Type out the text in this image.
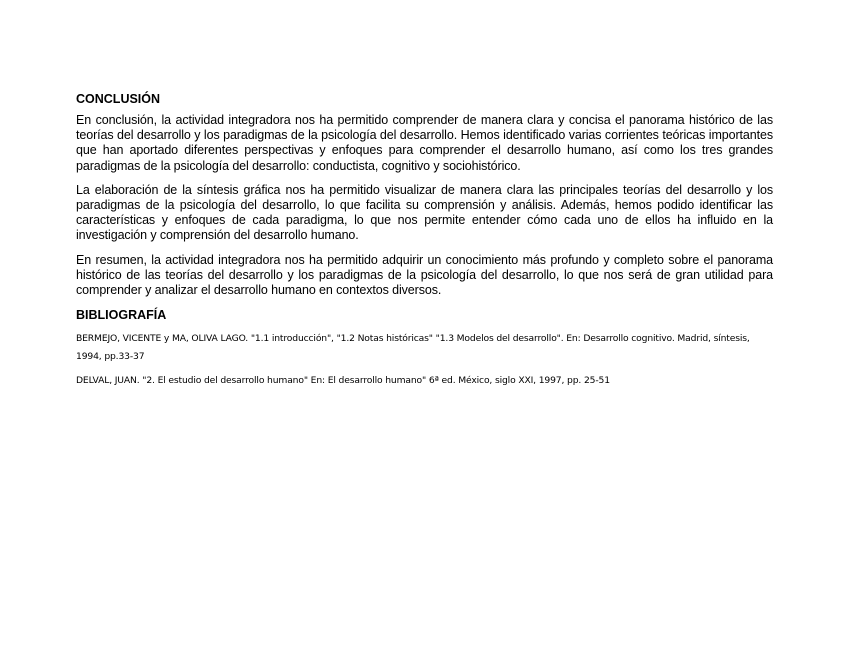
CONCLUSIÓN

En conclusión, la actividad integradora nos ha permitido comprender de manera clara y concisa el panorama histórico de las teorías del desarrollo y los paradigmas de la psicología del desarrollo. Hemos identificado varias corrientes teóricas importantes que han aportado diferentes perspectivas y enfoques para comprender el desarrollo humano, así como los tres grandes paradigmas de la psicología del desarrollo: conductista, cognitivo y sociohistórico.

La elaboración de la síntesis gráfica nos ha permitido visualizar de manera clara las principales teorías del desarrollo y los paradigmas de la psicología del desarrollo, lo que facilita su comprensión y análisis. Además, hemos podido identificar las características y enfoques de cada paradigma, lo que nos permite entender cómo cada uno de ellos ha influido en la investigación y comprensión del desarrollo humano.

En resumen, la actividad integradora nos ha permitido adquirir un conocimiento más profundo y completo sobre el panorama histórico de las teorías del desarrollo y los paradigmas de la psicología del desarrollo, lo que nos será de gran utilidad para comprender y analizar el desarrollo humano en contextos diversos.

BIBLIOGRAFÍA

BERMEJO, VICENTE y MA, OLIVA LAGO. "1.1 introducción", "1.2 Notas históricas" "1.3 Modelos del desarrollo". En: Desarrollo cognitivo. Madrid, síntesis, 1994, pp.33-37

DELVAL, JUAN. "2. El estudio del desarrollo humano" En: El desarrollo humano" 6ª ed. México, siglo XXI, 1997, pp. 25-51
